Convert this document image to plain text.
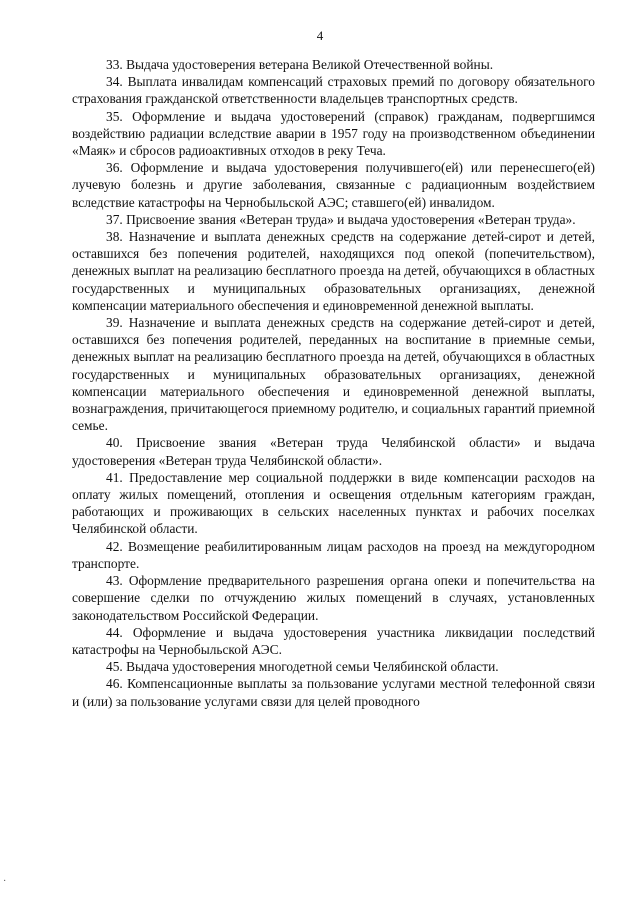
4

33. Выдача удостоверения ветерана Великой Отечественной войны.

34. Выплата инвалидам компенсаций страховых премий по договору обязательного страхования гражданской ответственности владельцев транспортных средств.

35. Оформление и выдача удостоверений (справок) гражданам, подвергшимся воздействию радиации вследствие аварии в 1957 году на производственном объединении «Маяк» и сбросов радиоактивных отходов в реку Теча.

36. Оформление и выдача удостоверения получившего(ей) или перенесшего(ей) лучевую болезнь и другие заболевания, связанные с радиационным воздействием вследствие катастрофы на Чернобыльской АЭС; ставшего(ей) инвалидом.

37. Присвоение звания «Ветеран труда» и выдача удостоверения «Ветеран труда».

38. Назначение и выплата денежных средств на содержание детей-сирот и детей, оставшихся без попечения родителей, находящихся под опекой (попечительством), денежных выплат на реализацию бесплатного проезда на детей, обучающихся в областных государственных и муниципальных образовательных организациях, денежной компенсации материального обеспечения и единовременной денежной выплаты.

39. Назначение и выплата денежных средств на содержание детей-сирот и детей, оставшихся без попечения родителей, переданных на воспитание в приемные семьи, денежных выплат на реализацию бесплатного проезда на детей, обучающихся в областных государственных и муниципальных образовательных организациях, денежной компенсации материального обеспечения и единовременной денежной выплаты, вознаграждения, причитающегося приемному родителю, и социальных гарантий приемной семье.

40. Присвоение звания «Ветеран труда Челябинской области» и выдача удостоверения «Ветеран труда Челябинской области».

41. Предоставление мер социальной поддержки в виде компенсации расходов на оплату жилых помещений, отопления и освещения отдельным категориям граждан, работающих и проживающих в сельских населенных пунктах и рабочих поселках Челябинской области.

42. Возмещение реабилитированным лицам расходов на проезд на междугородном транспорте.

43. Оформление предварительного разрешения органа опеки и попечительства на совершение сделки по отчуждению жилых помещений в случаях, установленных законодательством Российской Федерации.

44. Оформление и выдача удостоверения участника ликвидации последствий катастрофы на Чернобыльской АЭС.

45. Выдача удостоверения многодетной семьи Челябинской области.

46. Компенсационные выплаты за пользование услугами местной телефонной связи и (или) за пользование услугами связи для целей проводного

·
